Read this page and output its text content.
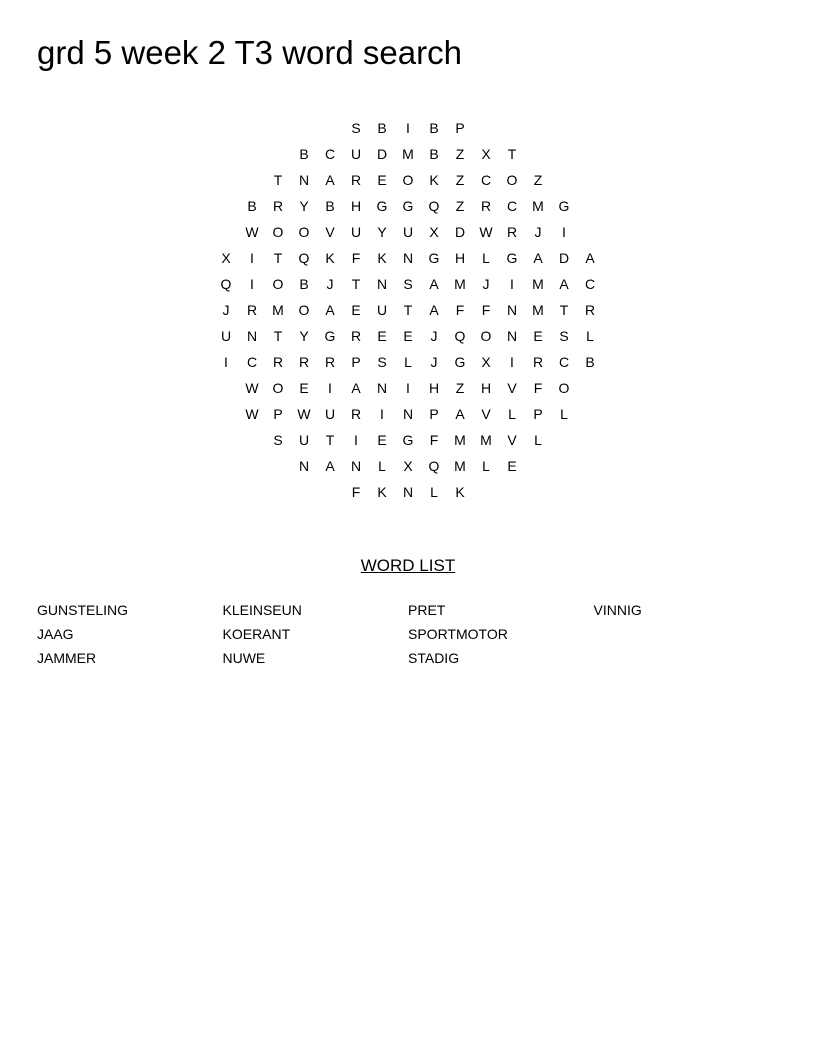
grd 5 week 2 T3 word search
S	B	I	B	P
B	C	U	D	M	B	Z	X	T
T	N	A	R	E	O	K	Z	C	O	Z
B	R	Y	B	H	G	G	Q	Z	R	C	M	G
W O	O	V	U	Y	U	X	D	W	R	J	I
X	I	T	Q	K	F	K	N	G	H	L	G	A	D	A
Q	I	O	B	J	T	N	S	A	M	J	I	M	A	C
J	R	M	O	A	E	U	T	A	F	F	N	M	T	R
U	N	T	Y	G	R	E	E	J	Q	O	N	E	S	L
I	C	R	R	R	P	S	L	J	G	X	I	R	C	B
W O	E	I	A	N	I	H	Z	H	V	F	O
W	P	W	U	R	I	N	P	A	V	L	P	L
S	U	T	I	E	G	F	M	M	V	L
N	A	N	L	X	Q	M	L	E
F	K	N	L	K
WORD LIST
GUNSTELING
JAAG
JAMMER
KLEINSEUN
KOERANT
NUWE
PRET
SPORTMOTOR
STADIG
VINNIG
